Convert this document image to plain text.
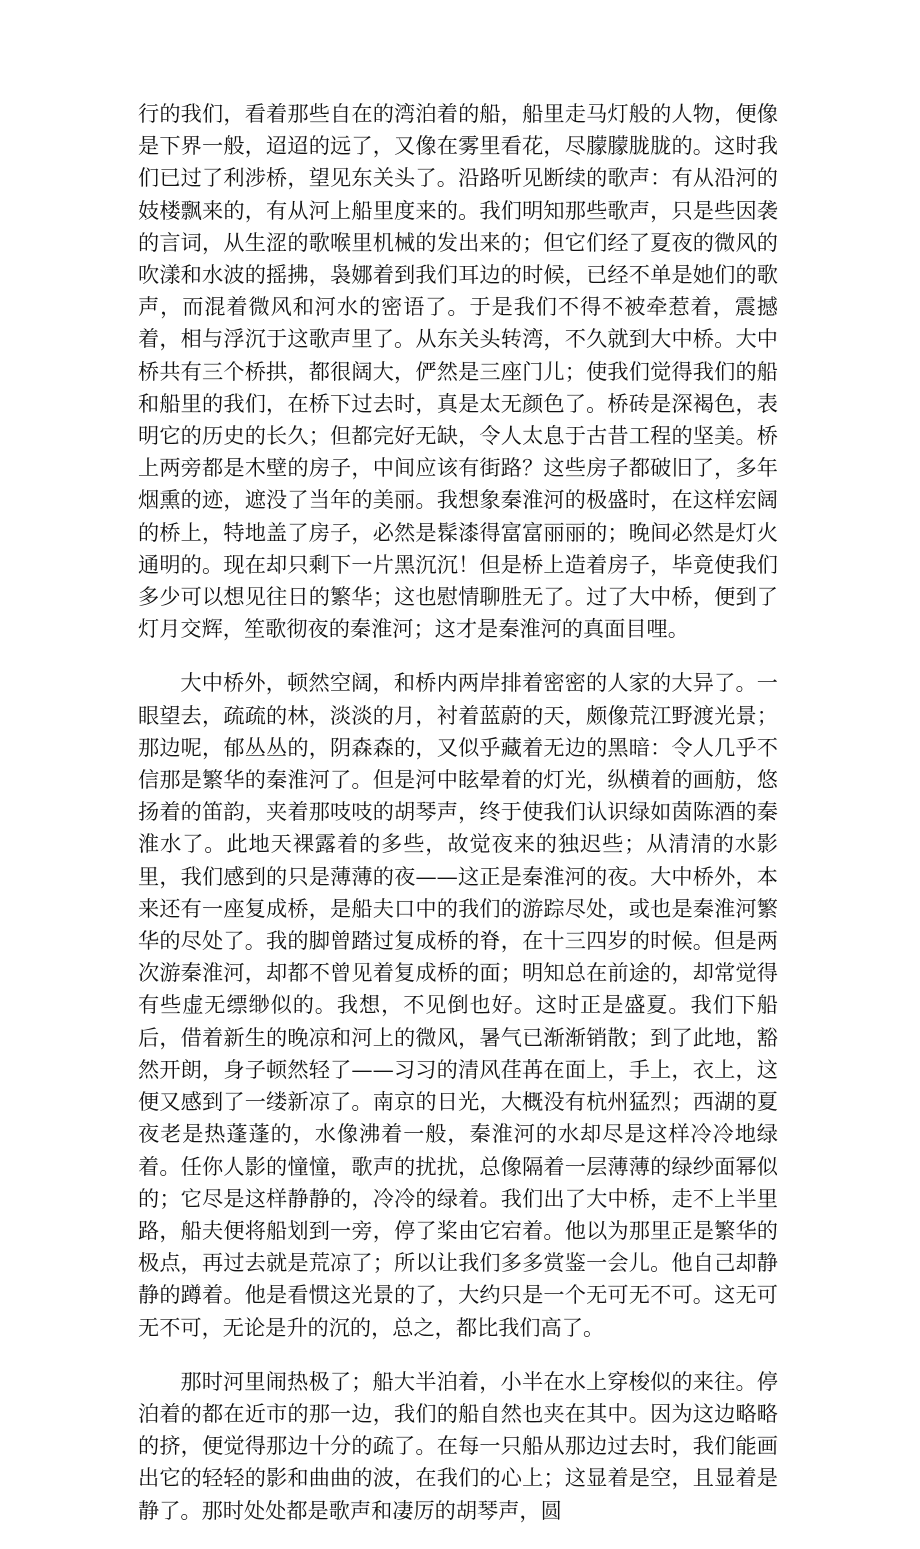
行的我们，看着那些自在的湾泊着的船，船里走马灯般的人物，便像是下界一般，迢迢的远了，又像在雾里看花，尽朦朦胧胧的。这时我们已过了利涉桥，望见东关头了。沿路听见断续的歌声：有从沿河的妓楼飘来的，有从河上船里度来的。我们明知那些歌声，只是些因袭的言词，从生涩的歌喉里机械的发出来的；但它们经了夏夜的微风的吹漾和水波的摇拂，袅娜着到我们耳边的时候，已经不单是她们的歌声，而混着微风和河水的密语了。于是我们不得不被牵惹着，震撼着，相与浮沉于这歌声里了。从东关头转湾，不久就到大中桥。大中桥共有三个桥拱，都很阔大，俨然是三座门儿；使我们觉得我们的船和船里的我们，在桥下过去时，真是太无颜色了。桥砖是深褐色，表明它的历史的长久；但都完好无缺，令人太息于古昔工程的坚美。桥上两旁都是木壁的房子，中间应该有街路？这些房子都破旧了，多年烟熏的迹，遮没了当年的美丽。我想象秦淮河的极盛时，在这样宏阔的桥上，特地盖了房子，必然是髹漆得富富丽丽的；晚间必然是灯火通明的。现在却只剩下一片黑沉沉！但是桥上造着房子，毕竟使我们多少可以想见往日的繁华；这也慰情聊胜无了。过了大中桥，便到了灯月交辉，笙歌彻夜的秦淮河；这才是秦淮河的真面目哩。

大中桥外，顿然空阔，和桥内两岸排着密密的人家的大异了。一眼望去，疏疏的林，淡淡的月，衬着蓝蔚的天，颇像荒江野渡光景；那边呢，郁丛丛的，阴森森的，又似乎藏着无边的黑暗：令人几乎不信那是繁华的秦淮河了。但是河中眩晕着的灯光，纵横着的画舫，悠扬着的笛韵，夹着那吱吱的胡琴声，终于使我们认识绿如茵陈酒的秦淮水了。此地天裸露着的多些，故觉夜来的独迟些；从清清的水影里，我们感到的只是薄薄的夜——这正是秦淮河的夜。大中桥外，本来还有一座复成桥，是船夫口中的我们的游踪尽处，或也是秦淮河繁华的尽处了。我的脚曾踏过复成桥的脊，在十三四岁的时候。但是两次游秦淮河，却都不曾见着复成桥的面；明知总在前途的，却常觉得有些虚无缥缈似的。我想，不见倒也好。这时正是盛夏。我们下船后，借着新生的晚凉和河上的微风，暑气已渐渐销散；到了此地，豁然开朗，身子顿然轻了——习习的清风荏苒在面上，手上，衣上，这便又感到了一缕新凉了。南京的日光，大概没有杭州猛烈；西湖的夏夜老是热蓬蓬的，水像沸着一般，秦淮河的水却尽是这样冷冷地绿着。任你人影的憧憧，歌声的扰扰，总像隔着一层薄薄的绿纱面幂似的；它尽是这样静静的，冷冷的绿着。我们出了大中桥，走不上半里路，船夫便将船划到一旁，停了桨由它宕着。他以为那里正是繁华的极点，再过去就是荒凉了；所以让我们多多赏鉴一会儿。他自己却静静的蹲着。他是看惯这光景的了，大约只是一个无可无不可。这无可无不可，无论是升的沉的，总之，都比我们高了。

那时河里闹热极了；船大半泊着，小半在水上穿梭似的来往。停泊着的都在近市的那一边，我们的船自然也夹在其中。因为这边略略的挤，便觉得那边十分的疏了。在每一只船从那边过去时，我们能画出它的轻轻的影和曲曲的波，在我们的心上；这显着是空，且显着是静了。那时处处都是歌声和凄厉的胡琴声，圆
